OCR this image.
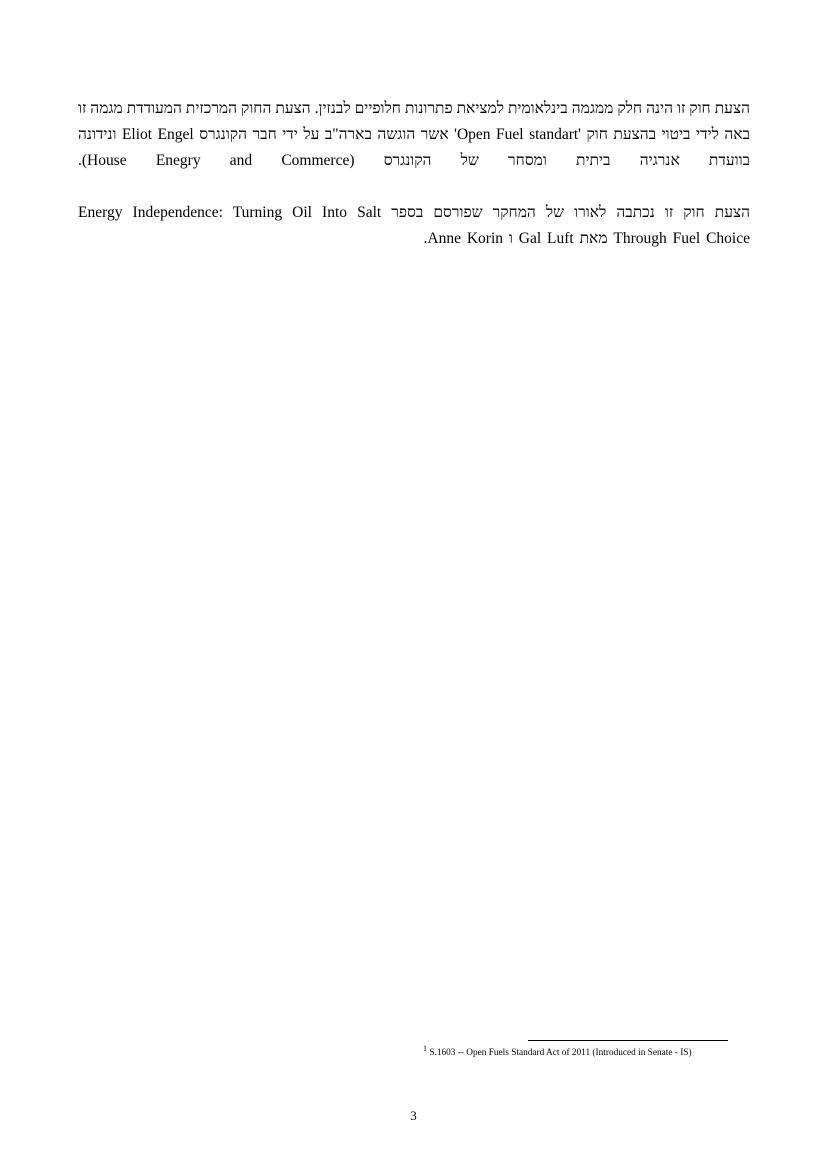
הצעת חוק זו הינה חלק ממגמה בינלאומית למציאת פתרונות חלופיים לבנזין. הצעת החוק המרכזית המעודדת מגמה זו באה לידי ביטוי בהצעת חוק 'Open Fuel standart' אשר הוגשה בארה"ב על ידי חבר הקונגרס Eliot Engel ונידונה בוועדת אנרגיה ביתית ומסחר של הקונגרס (House Enegry and Commerce).

הצעת חוק זו נכתבה לאורו של המחקר שפורסם בספר Energy Independence: Turning Oil Into Salt Through Fuel Choice מאת Gal Luft ו Anne Korin.

1 S.1603 -- Open Fuels Standard Act of 2011 (Introduced in Senate - IS)
3
